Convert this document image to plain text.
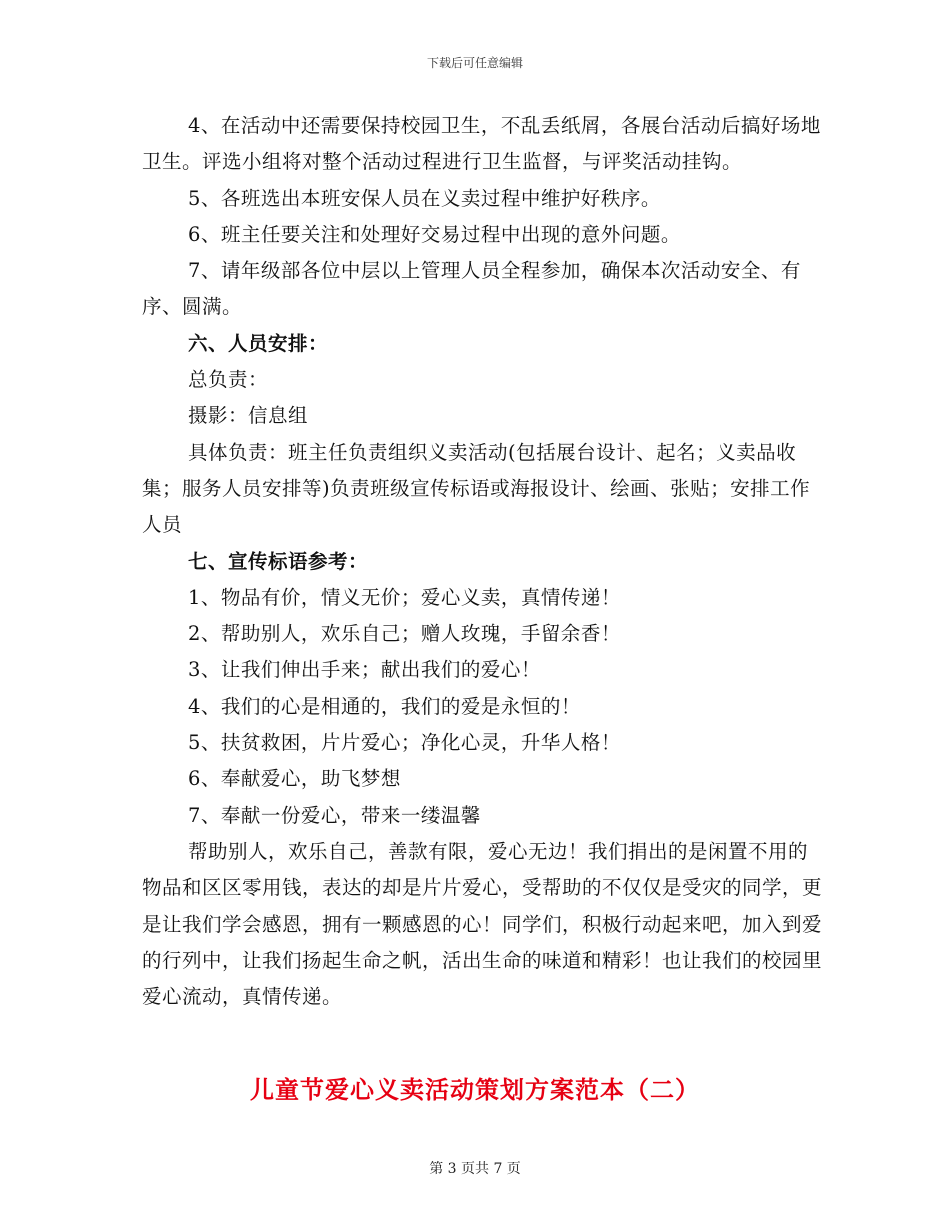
下载后可任意编辑

4、在活动中还需要保持校园卫生，不乱丢纸屑，各展台活动后搞好场地卫生。评选小组将对整个活动过程进行卫生监督，与评奖活动挂钩。

5、各班选出本班安保人员在义卖过程中维护好秩序。

6、班主任要关注和处理好交易过程中出现的意外问题。

7、请年级部各位中层以上管理人员全程参加，确保本次活动安全、有序、圆满。

六、人员安排：

总负责：

摄影：信息组

具体负责：班主任负责组织义卖活动(包括展台设计、起名；义卖品收集；服务人员安排等)负责班级宣传标语或海报设计、绘画、张贴；安排工作人员

七、宣传标语参考：

1、物品有价，情义无价；爱心义卖，真情传递！

2、帮助别人，欢乐自己；赠人玫瑰，手留余香！

3、让我们伸出手来；献出我们的爱心！

4、我们的心是相通的，我们的爱是永恒的！

5、扶贫救困，片片爱心；净化心灵，升华人格！

6、奉献爱心，助飞梦想

7、奉献一份爱心，带来一缕温馨

帮助别人，欢乐自己，善款有限，爱心无边！我们捐出的是闲置不用的物品和区区零用钱，表达的却是片片爱心，受帮助的不仅仅是受灾的同学，更是让我们学会感恩，拥有一颗感恩的心！同学们，积极行动起来吧，加入到爱的行列中，让我们扬起生命之帆，活出生命的味道和精彩！也让我们的校园里爱心流动，真情传递。

儿童节爱心义卖活动策划方案范本（二）
第 3 页共 7 页
